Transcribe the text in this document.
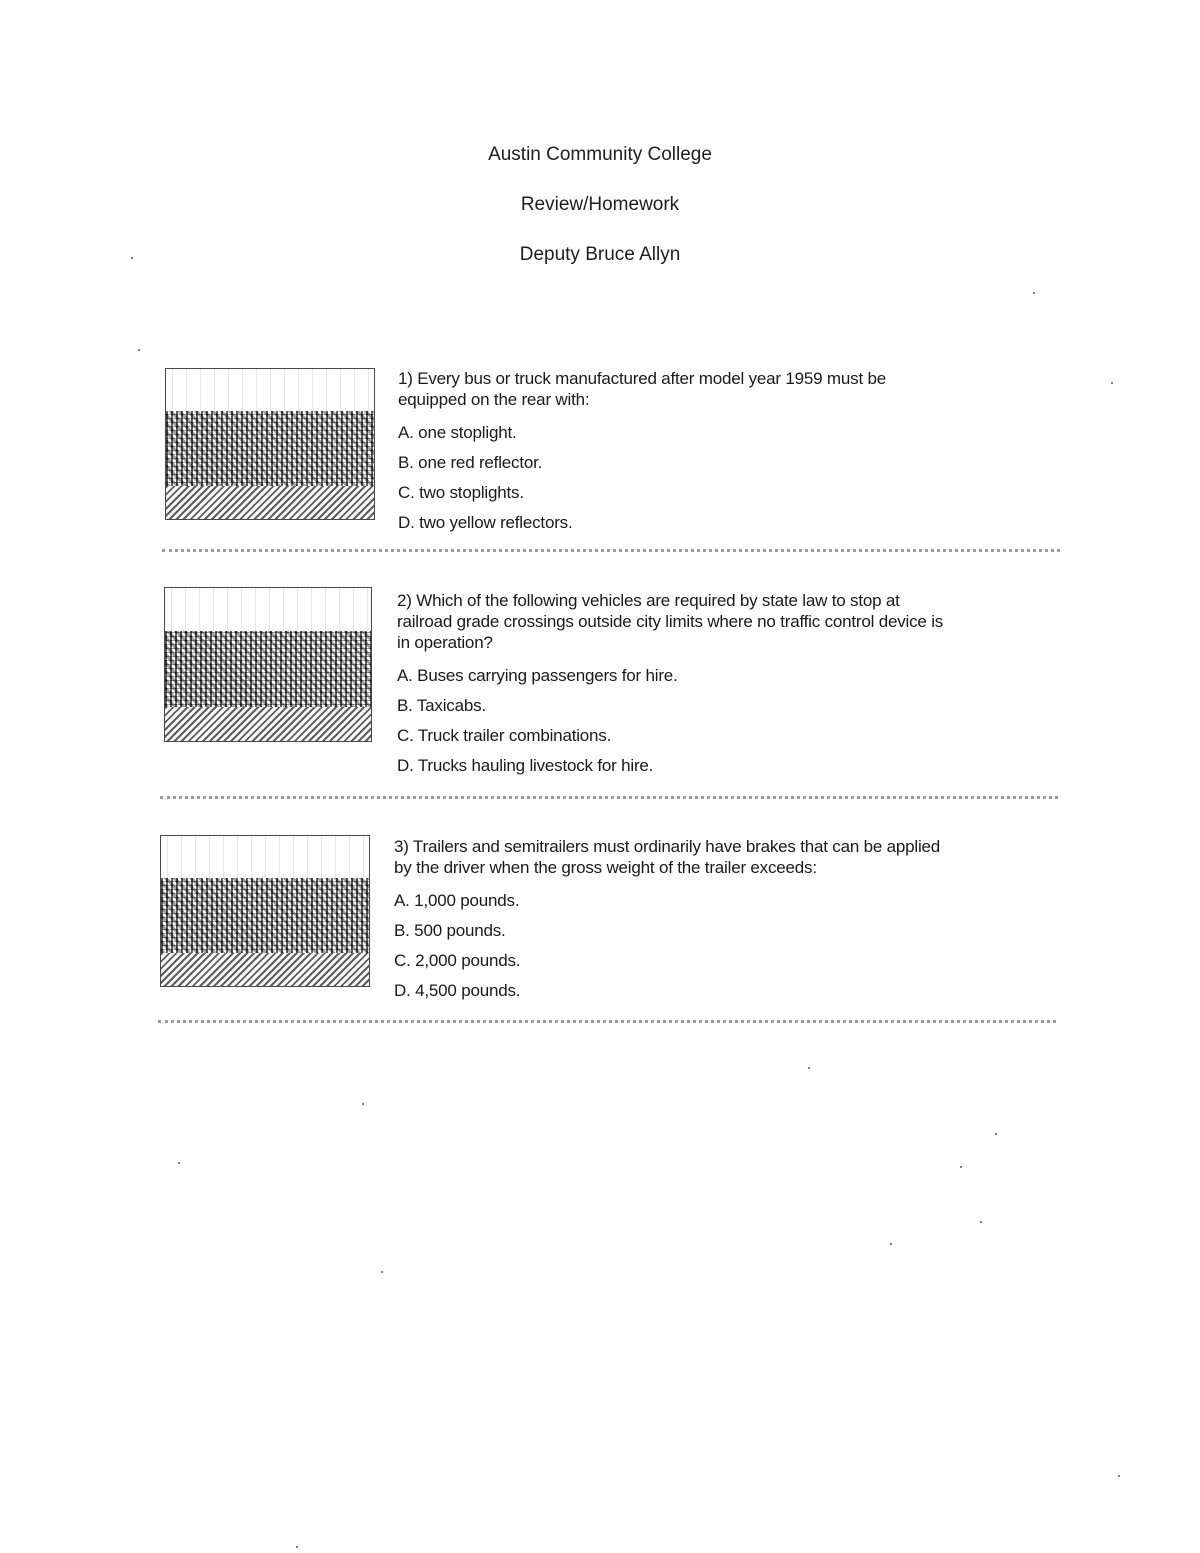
Austin Community College
Review/Homework
Deputy Bruce Allyn
1) Every bus or truck manufactured after model year 1959 must be equipped on the rear with:
A. one stoplight.
B. one red reflector.
C. two stoplights.
D. two yellow reflectors.
2) Which of the following vehicles are required by state law to stop at railroad grade crossings outside city limits where no traffic control device is in operation?
A. Buses carrying passengers for hire.
B. Taxicabs.
C. Truck trailer combinations.
D. Trucks hauling livestock for hire.
3) Trailers and semitrailers must ordinarily have brakes that can be applied by the driver when the gross weight of the trailer exceeds:
A. 1,000 pounds.
B. 500 pounds.
C. 2,000 pounds.
D. 4,500 pounds.
